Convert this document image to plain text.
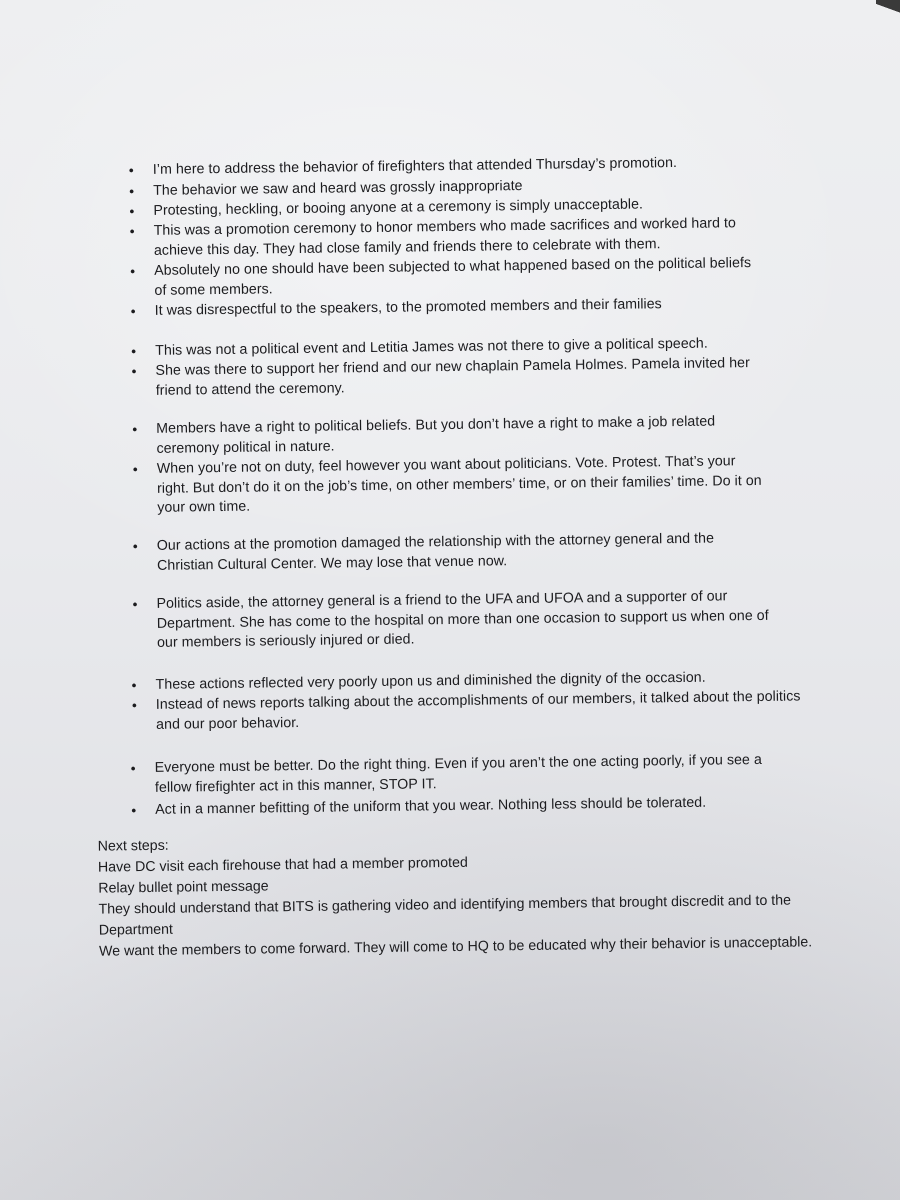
•	I’m here to address the behavior of firefighters that attended Thursday’s promotion.
•	The behavior we saw and heard was grossly inappropriate
•	Protesting, heckling, or booing anyone at a ceremony is simply unacceptable.
•	This was a promotion ceremony to honor members who made sacrifices and worked hard to achieve this day. They had close family and friends there to celebrate with them.
•	Absolutely no one should have been subjected to what happened based on the political beliefs of some members.
•	It was disrespectful to the speakers, to the promoted members and their families
•	This was not a political event and Letitia James was not there to give a political speech.
•	She was there to support her friend and our new chaplain Pamela Holmes. Pamela invited her friend to attend the ceremony.
•	Members have a right to political beliefs. But you don’t have a right to make a job related ceremony political in nature.
•	When you’re not on duty, feel however you want about politicians. Vote. Protest. That’s your right. But don’t do it on the job’s time, on other members’ time, or on their families’ time. Do it on your own time.
•	Our actions at the promotion damaged the relationship with the attorney general and the Christian Cultural Center. We may lose that venue now.
•	Politics aside, the attorney general is a friend to the UFA and UFOA and a supporter of our Department. She has come to the hospital on more than one occasion to support us when one of our members is seriously injured or died.
•	These actions reflected very poorly upon us and diminished the dignity of the occasion.
•	Instead of news reports talking about the accomplishments of our members, it talked about the politics and our poor behavior.
•	Everyone must be better. Do the right thing. Even if you aren’t the one acting poorly, if you see a fellow firefighter act in this manner, STOP IT.
•	Act in a manner befitting of the uniform that you wear. Nothing less should be tolerated.
Next steps:
Have DC visit each firehouse that had a member promoted
Relay bullet point message
They should understand that BITS is gathering video and identifying members that brought discredit and to the Department
We want the members to come forward. They will come to HQ to be educated why their behavior is unacceptable.
